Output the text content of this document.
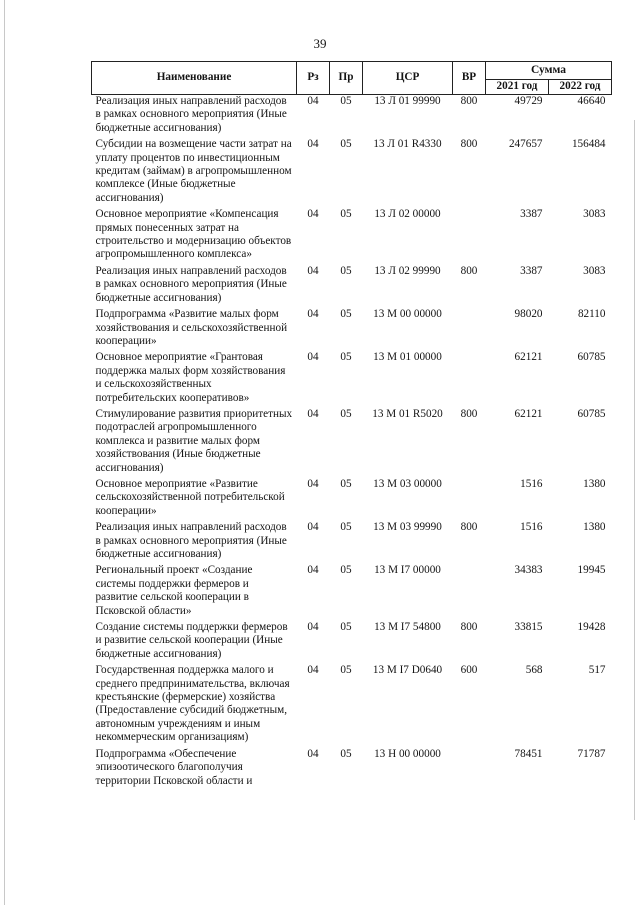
39
Наименование	Рз	Пр	ЦСР	ВР	Сумма	
					2021 год	2022 год
Реализация иных направлений расходов в рамках основного мероприятия (Иные бюджетные ассигнования)	04	05	13 Л 01 99990	800	49729	46640
Субсидии на возмещение части затрат на уплату процентов по инвестиционным кредитам (займам) в агропромышленном комплексе (Иные бюджетные ассигнования)	04	05	13 Л 01 R4330	800	247657	156484
Основное мероприятие «Компенсация прямых понесенных затрат на строительство и модернизацию объектов агропромышленного комплекса»	04	05	13 Л 02 00000		3387	3083
Реализация иных направлений расходов в рамках основного мероприятия (Иные бюджетные ассигнования)	04	05	13 Л 02 99990	800	3387	3083
Подпрограмма «Развитие малых форм хозяйствования и сельскохозяйственной кооперации»	04	05	13 М 00 00000		98020	82110
Основное мероприятие «Грантовая поддержка малых форм хозяйствования и сельскохозяйственных потребительских кооперативов»	04	05	13 М 01 00000		62121	60785
Стимулирование развития приоритетных подотраслей агропромышленного комплекса и развитие малых форм хозяйствования (Иные бюджетные ассигнования)	04	05	13 М 01 R5020	800	62121	60785
Основное мероприятие «Развитие сельскохозяйственной потребительской кооперации»	04	05	13 М 03 00000		1516	1380
Реализация иных направлений расходов в рамках основного мероприятия (Иные бюджетные ассигнования)	04	05	13 М 03 99990	800	1516	1380
Региональный проект «Создание системы поддержки фермеров и развитие сельской кооперации в Псковской области»	04	05	13 М I7 00000		34383	19945
Создание системы поддержки фермеров и развитие сельской кооперации (Иные бюджетные ассигнования)	04	05	13 М I7 54800	800	33815	19428
Государственная поддержка малого и среднего предпринимательства, включая крестьянские (фермерские) хозяйства (Предоставление субсидий бюджетным, автономным учреждениям и иным некоммерческим организациям)	04	05	13 М I7 D0640	600	568	517
Подпрограмма «Обеспечение эпизоотического благополучия территории Псковской области и	04	05	13 Н 00 00000		78451	71787
